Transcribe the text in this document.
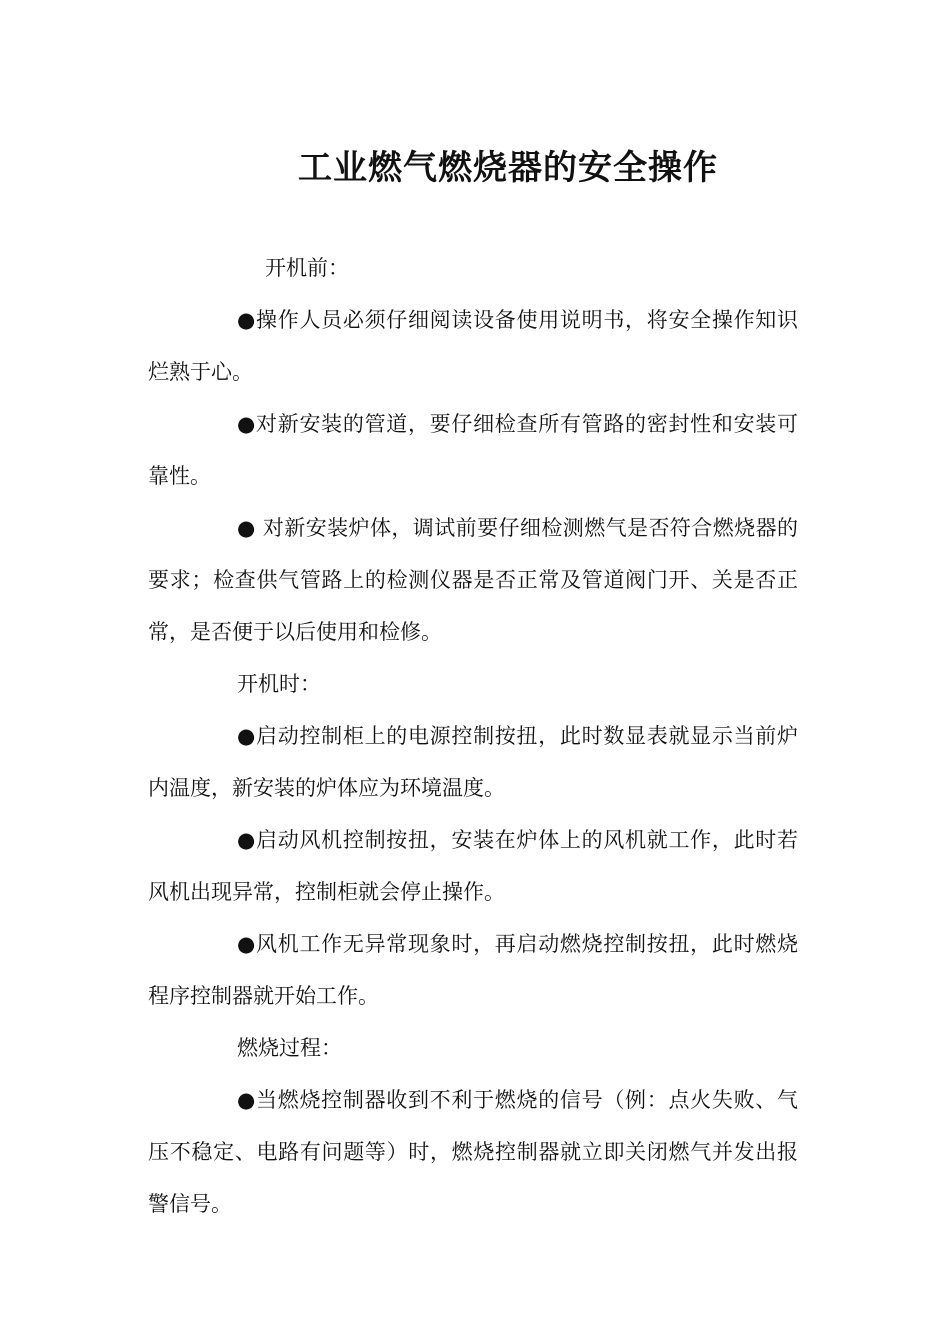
工业燃气燃烧器的安全操作

开机前：

●操作人员必须仔细阅读设备使用说明书，将安全操作知识烂熟于心。

●对新安装的管道，要仔细检查所有管路的密封性和安装可靠性。

● 对新安装炉体，调试前要仔细检测燃气是否符合燃烧器的要求；检查供气管路上的检测仪器是否正常及管道阀门开、关是否正常，是否便于以后使用和检修。

开机时：

●启动控制柜上的电源控制按扭，此时数显表就显示当前炉内温度，新安装的炉体应为环境温度。

●启动风机控制按扭，安装在炉体上的风机就工作，此时若风机出现异常，控制柜就会停止操作。

●风机工作无异常现象时，再启动燃烧控制按扭，此时燃烧程序控制器就开始工作。

燃烧过程：

●当燃烧控制器收到不利于燃烧的信号（例：点火失败、气压不稳定、电路有问题等）时，燃烧控制器就立即关闭燃气并发出报警信号。
